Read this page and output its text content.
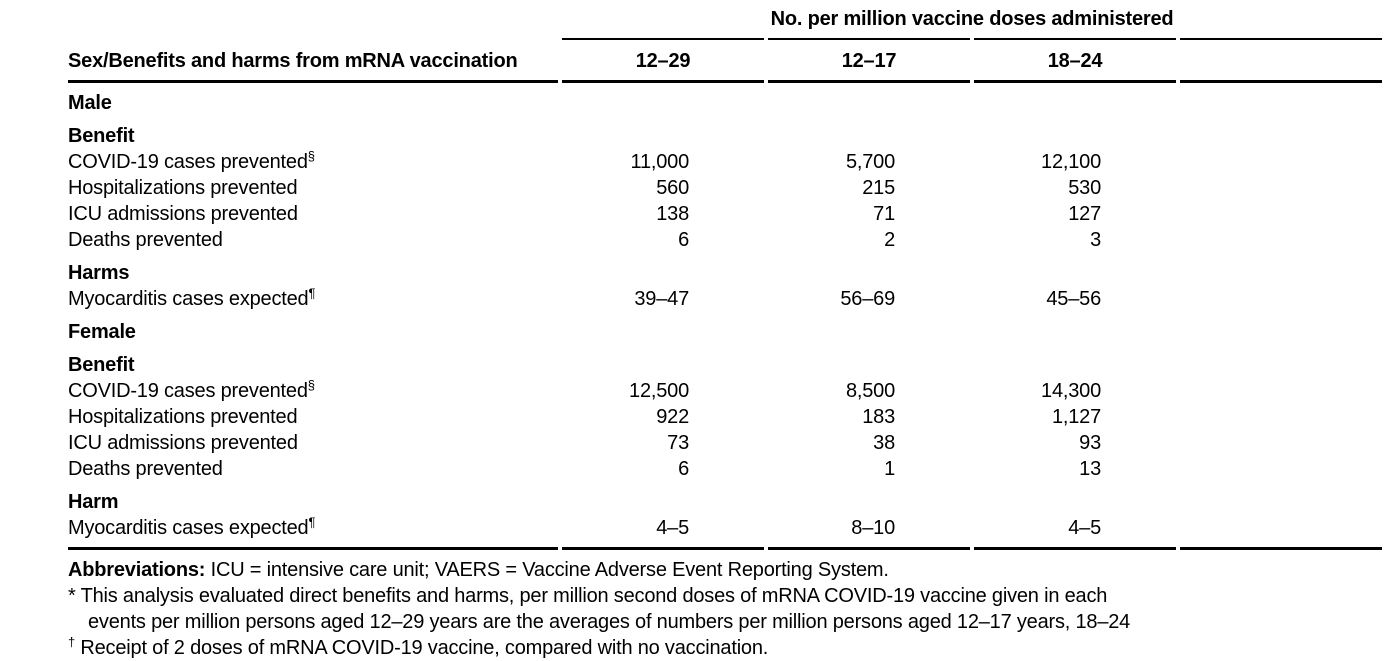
	No. per million vaccine doses administered			
Sex/Benefits and harms from mRNA vaccination	12–29	12–17	18–24	
Male				
Benefit				
COVID-19 cases prevented§	11,000	5,700	12,100	
Hospitalizations prevented	560	215	530	
ICU admissions prevented	138	71	127	
Deaths prevented	6	2	3	
Harms				
Myocarditis cases expected¶	39–47	56–69	45–56	
Female				
Benefit				
COVID-19 cases prevented§	12,500	8,500	14,300	
Hospitalizations prevented	922	183	1,127	
ICU admissions prevented	73	38	93	
Deaths prevented	6	1	13	
Harm				
Myocarditis cases expected¶	4–5	8–10	4–5	
Abbreviations: ICU = intensive care unit; VAERS = Vaccine Adverse Event Reporting System.
* This analysis evaluated direct benefits and harms, per million second doses of mRNA COVID-19 vaccine given in each
events per million persons aged 12–29 years are the averages of numbers per million persons aged 12–17 years, 18–24
† Receipt of 2 doses of mRNA COVID-19 vaccine, compared with no vaccination.
